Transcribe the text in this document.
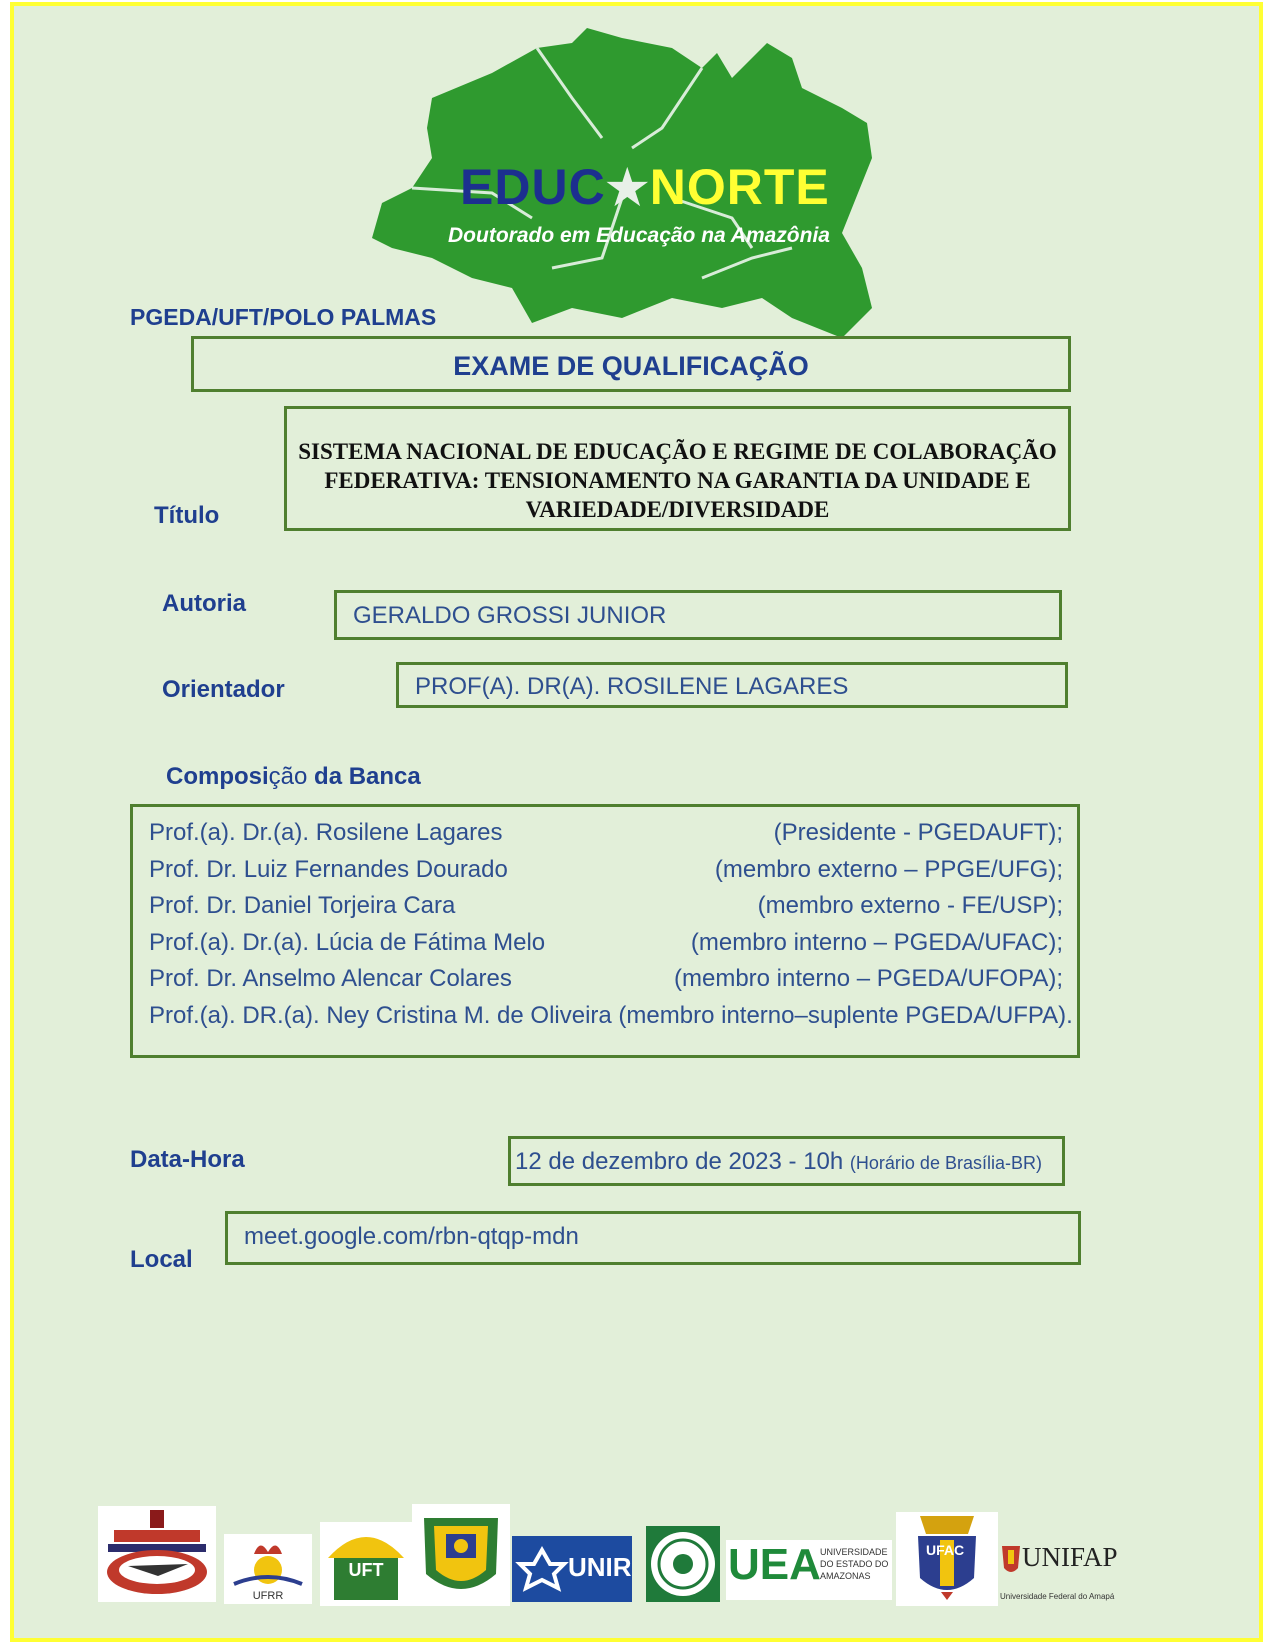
EDUC★NORTE
Doutorado em Educação na Amazônia
PGEDA/UFT/POLO PALMAS
EXAME DE QUALIFICAÇÃO
Título
SISTEMA NACIONAL DE EDUCAÇÃO E REGIME DE COLABORAÇÃO FEDERATIVA: TENSIONAMENTO NA GARANTIA DA UNIDADE E VARIEDADE/DIVERSIDADE
Autoria	GERALDO GROSSI JUNIOR
Orientador	PROF(A). DR(A). ROSILENE LAGARES
Composição da Banca
Prof.(a). Dr.(a). Rosilene Lagares	(Presidente - PGEDAUFT);
Prof. Dr. Luiz Fernandes Dourado	(membro externo – PPGE/UFG);
Prof. Dr. Daniel Torjeira Cara	(membro externo - FE/USP);
Prof.(a). Dr.(a). Lúcia de Fátima Melo	(membro interno – PGEDA/UFAC);
Prof. Dr. Anselmo Alencar Colares	(membro interno – PGEDA/UFOPA);
Prof.(a). DR.(a). Ney Cristina M. de Oliveira (membro interno–suplente PGEDA/UFPA).
Data-Hora	12 de dezembro de 2023 - 10h (Horário de Brasília-BR)
Local
meet.google.com/rbn-qtqp-mdn
UFRR
UFT	UNIR UEA UNIVERSIDADE
DO ESTADO DO
AMAZONAS
UFAC UNIFAP
Universidade Federal do Amapá
